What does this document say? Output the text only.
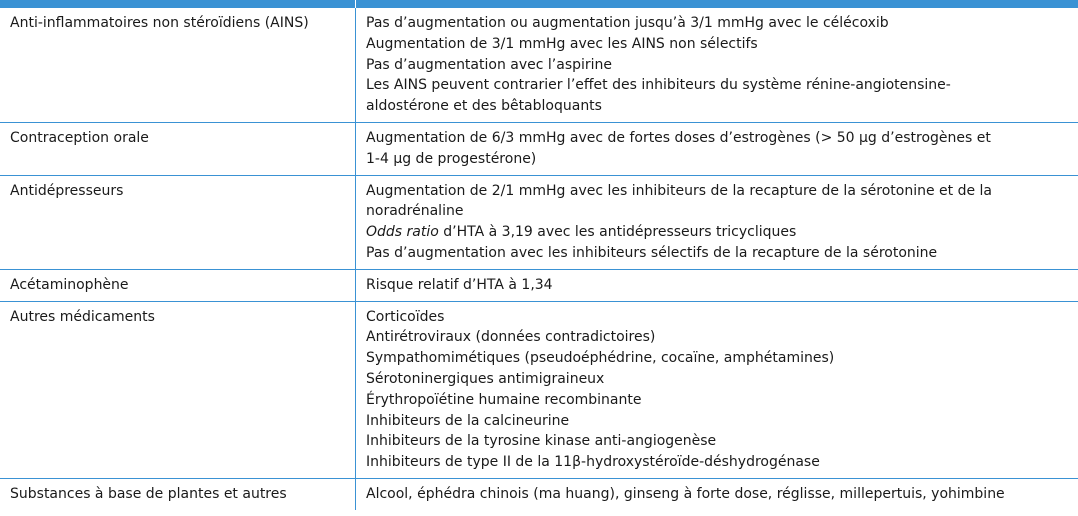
Anti-inflammatoires non stéroïdiens (AINS)	Pas d’augmentation ou augmentation jusqu’à 3/1 mmHg avec le célécoxib
Augmentation de 3/1 mmHg avec les AINS non sélectifs
Pas d’augmentation avec l’aspirine
Les AINS peuvent contrarier l’effet des inhibiteurs du système rénine-angiotensine-
aldostérone et des bêtabloquants
Contraception orale	Augmentation de 6/3 mmHg avec de fortes doses d’estrogènes (> 50 µg d’estrogènes et
1-4 µg de progestérone)
Antidépresseurs	Augmentation de 2/1 mmHg avec les inhibiteurs de la recapture de la sérotonine et de la
noradrénaline
Odds ratio d’HTA à 3,19 avec les antidépresseurs tricycliques
Pas d’augmentation avec les inhibiteurs sélectifs de la recapture de la sérotonine
Acétaminophène	Risque relatif d’HTA à 1,34
Autres médicaments	Corticoïdes
Antirétroviraux (données contradictoires)
Sympathomimétiques (pseudoéphédrine, cocaïne, amphétamines)
Sérotoninergiques antimigraineux
Érythropoïétine humaine recombinante
Inhibiteurs de la calcineurine
Inhibiteurs de la tyrosine kinase anti-angiogenèse
Inhibiteurs de type II de la 11β-hydroxystéroïde-déshydrogénase
Substances à base de plantes et autres	Alcool, éphédra chinois (ma huang), ginseng à forte dose, réglisse, millepertuis, yohimbine
